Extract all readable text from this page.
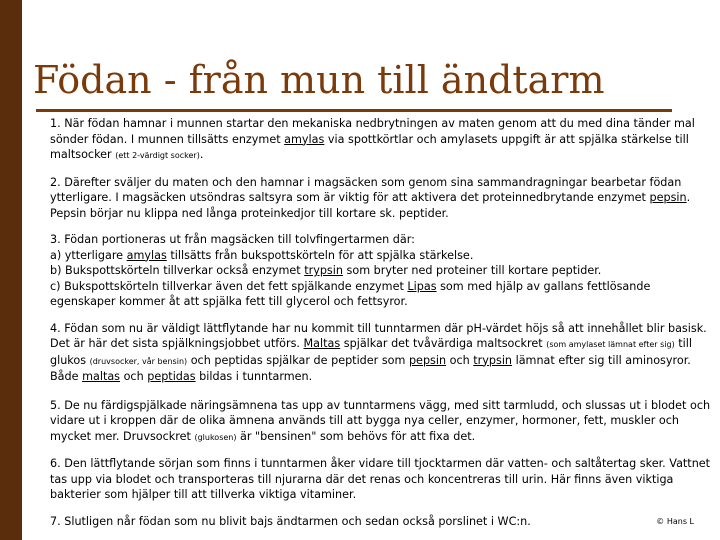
Födan - från mun till ändtarm

1. När födan hamnar i munnen startar den mekaniska nedbrytningen av maten genom att du med dina tänder mal sönder födan. I munnen tillsätts enzymet amylas via spottkörtlar och amylasets uppgift är att spjälka stärkelse till maltsocker (ett 2-värdigt socker).

2. Därefter sväljer du maten och den hamnar i magsäcken som genom sina sammandragningar bearbetar födan ytterligare. I magsäcken utsöndras saltsyra som är viktig för att aktivera det proteinnedbrytande enzymet pepsin. Pepsin börjar nu klippa ned långa proteinkedjor till kortare sk. peptider.

3. Födan portioneras ut från magsäcken till tolvfingertarmen där:
a) ytterligare amylas tillsätts från bukspottskörteln för att spjälka stärkelse.
b) Bukspottskörteln tillverkar också enzymet trypsin som bryter ned proteiner till kortare peptider.
c) Bukspottskörteln tillverkar även det fett spjälkande enzymet Lipas som med hjälp av gallans fettlösande egenskaper kommer åt att spjälka fett till glycerol och fettsyror.

4. Födan som nu är väldigt lättflytande har nu kommit till tunntarmen där pH-värdet höjs så att innehållet blir basisk. Det är här det sista spjälkningsjobbet utförs. Maltas spjälkar det tvåvärdiga maltsockret (som amylaset lämnat efter sig) till glukos (druvsocker, vår bensin) och peptidas spjälkar de peptider som pepsin och trypsin lämnat efter sig till aminosyror. Både maltas och peptidas bildas i tunntarmen.

5. De nu färdigspjälkade näringsämnena tas upp av tunntarmens vägg, med sitt tarmludd, och slussas ut i blodet och vidare ut i kroppen där de olika ämnena används till att bygga nya celler, enzymer, hormoner, fett, muskler och mycket mer. Druvsockret (glukosen) är "bensinen" som behövs för att fixa det.

6. Den lättflytande sörjan som finns i tunntarmen åker vidare till tjocktarmen där vatten- och saltåtertag sker. Vattnet tas upp via blodet och transporteras till njurarna där det renas och koncentreras till urin. Här finns även viktiga bakterier som hjälper till att tillverka viktiga vitaminer.

7. Slutligen når födan som nu blivit bajs ändtarmen och sedan också porslinet i WC:n.	© Hans L
